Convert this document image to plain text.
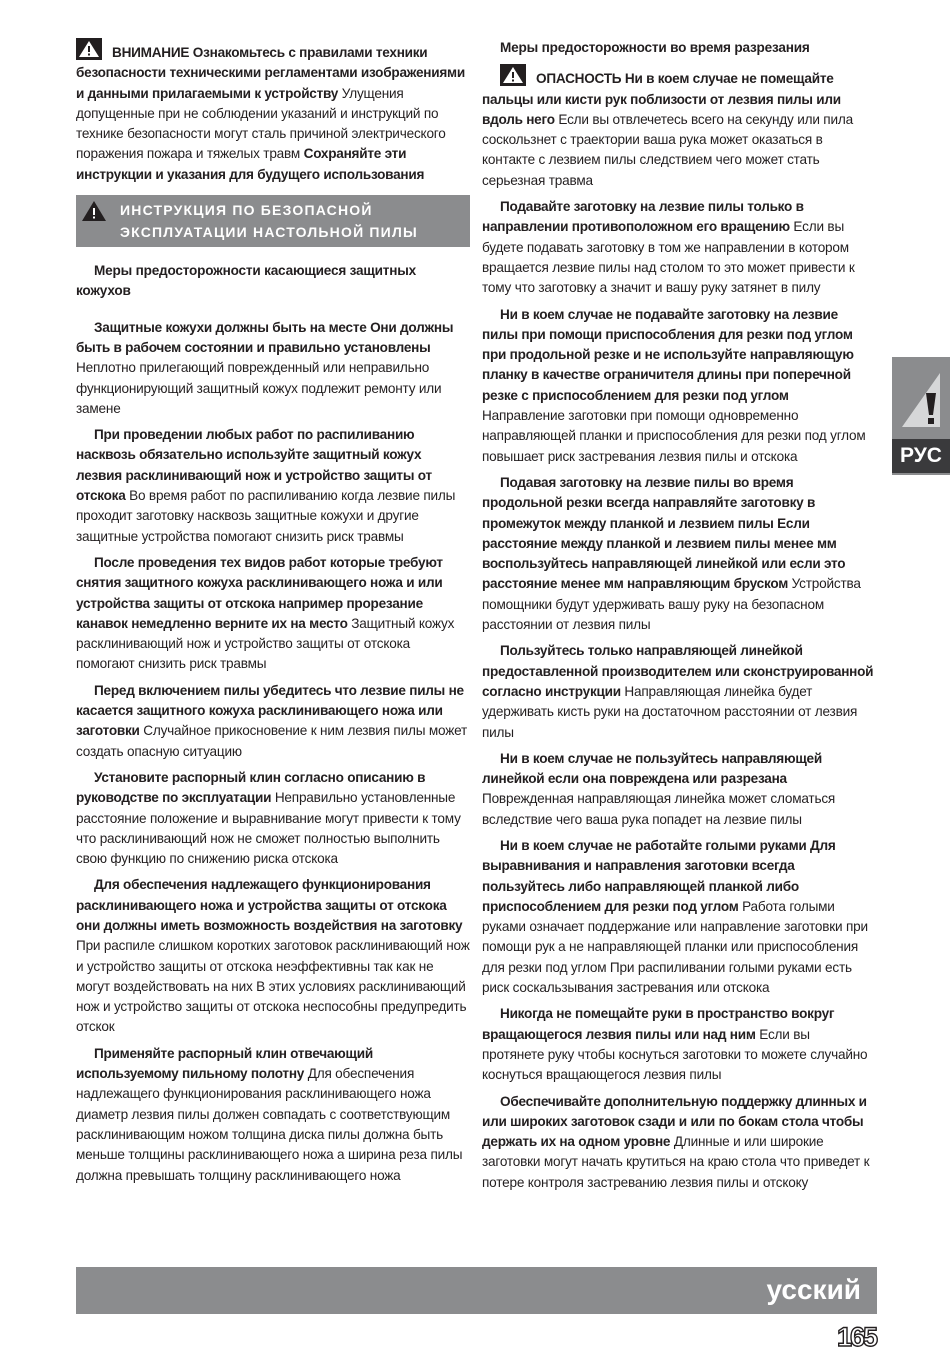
ВНИМАНИЕ Ознакомьтесь с правилами техники безопасности техническими регламентами изображениями и данными прилагаемыми к устройству Улущения допущенные при не соблюдении указаний и инструкций по технике безопасности могут сталь причиной электрического поражения пожара и тяжелых травм Сохраняйте эти инструкции и указания для будущего использования

ИНСТРУКЦИЯ ПО БЕЗОПАСНОЙ ЭКСПЛУАТАЦИИ НАСТОЛЬНОЙ ПИЛЫ

Меры предосторожности касающиеся защитных кожухов

Защитные кожухи должны быть на месте Они должны быть в рабочем состоянии и правильно установлены Неплотно прилегающий поврежденный или неправильно функционирующий защитный кожух подлежит ремонту или замене

При проведении любых работ по распиливанию насквозь обязательно используйте защитный кожух лезвия расклинивающий нож и устройство защиты от отскока Во время работ по распиливанию когда лезвие пилы проходит заготовку насквозь защитные кожухи и другие защитные устройства помогают снизить риск травмы

После проведения тех видов работ которые требуют снятия защитного кожуха расклинивающего ножа и или устройства защиты от отскока например прорезание канавок немедленно верните их на место Защитный кожух расклинивающий нож и устройство защиты от отскока помогают снизить риск травмы

Перед включением пилы убедитесь что лезвие пилы не касается защитного кожуха расклинивающего ножа или заготовки Случайное прикосновение к ним лезвия пилы может создать опасную ситуацию

Установите распорный клин согласно описанию в руководстве по эксплуатации Неправильно установленные расстояние положение и выравнивание могут привести к тому что расклинивающий нож не сможет полностью выполнить свою функцию по снижению риска отскока

Для обеспечения надлежащего функционирования расклинивающего ножа и устройства защиты от отскока они должны иметь возможность воздействия на заготовку При распиле слишком коротких заготовок расклинивающий нож и устройство защиты от отскока неэффективны так как не могут воздействовать на них В этих условиях расклинивающий нож и устройство защиты от отскока неспособны предупредить отскок

Применяйте распорный клин отвечающий используемому пильному полотну Для обеспечения надлежащего функционирования расклинивающего ножа диаметр лезвия пилы должен совпадать с соответствующим расклинивающим ножом толщина диска пилы должна быть меньше толщины расклинивающего ножа а ширина реза пилы должна превышать толщину расклинивающего ножа

Меры предосторожности во время разрезания

ОПАСНОСТЬ Ни в коем случае не помещайте пальцы или кисти рук поблизости от лезвия пилы или вдоль него Если вы отвлечетесь всего на секунду или пила соскользнет с траектории ваша рука может оказаться в контакте с лезвием пилы следствием чего может стать серьезная травма

Подавайте заготовку на лезвие пилы только в направлении противоположном его вращению Если вы будете подавать заготовку в том же направлении в котором вращается лезвие пилы над столом то это может привести к тому что заготовку а значит и вашу руку затянет в пилу

Ни в коем случае не подавайте заготовку на лезвие пилы при помощи приспособления для резки под углом при продольной резке и не используйте направляющую планку в качестве ограничителя длины при поперечной резке с приспособлением для резки под углом Направление заготовки при помощи одновременно направляющей планки и приспособления для резки под углом повышает риск застревания лезвия пилы и отскока

Подавая заготовку на лезвие пилы во время продольной резки всегда направляйте заготовку в промежуток между планкой и лезвием пилы Если расстояние между планкой и лезвием пилы менее мм воспользуйтесь направляющей линейкой или если это расстояние менее мм направляющим бруском Устройства помощники будут удерживать вашу руку на безопасном расстоянии от лезвия пилы

Пользуйтесь только направляющей линейкой предоставленной производителем или сконструированной согласно инструкции Направляющая линейка будет удерживать кисть руки на достаточном расстоянии от лезвия пилы

Ни в коем случае не пользуйтесь направляющей линейкой если она повреждена или разрезана Поврежденная направляющая линейка может сломаться вследствие чего ваша рука попадет на лезвие пилы

Ни в коем случае не работайте голыми руками Для выравнивания и направления заготовки всегда пользуйтесь либо направляющей планкой либо приспособлением для резки под углом Работа голыми руками означает поддержание или направление заготовки при помощи рук а не направляющей планки или приспособления для резки под углом При распиливании голыми руками есть риск соскальзывания застревания или отскока

Никогда не помещайте руки в пространство вокруг вращающегося лезвия пилы или над ним Если вы протянете руку чтобы коснуться заготовки то можете случайно коснуться вращающегося лезвия пилы

Обеспечивайте дополнительную поддержку длинных и или широких заготовок сзади и или по бокам стола чтобы держать их на одном уровне Длинные и или широкие заготовки могут начать крутиться на краю стола что приведет к потере контроля застреванию лезвия пилы и отскоку

РУС
усский
165
